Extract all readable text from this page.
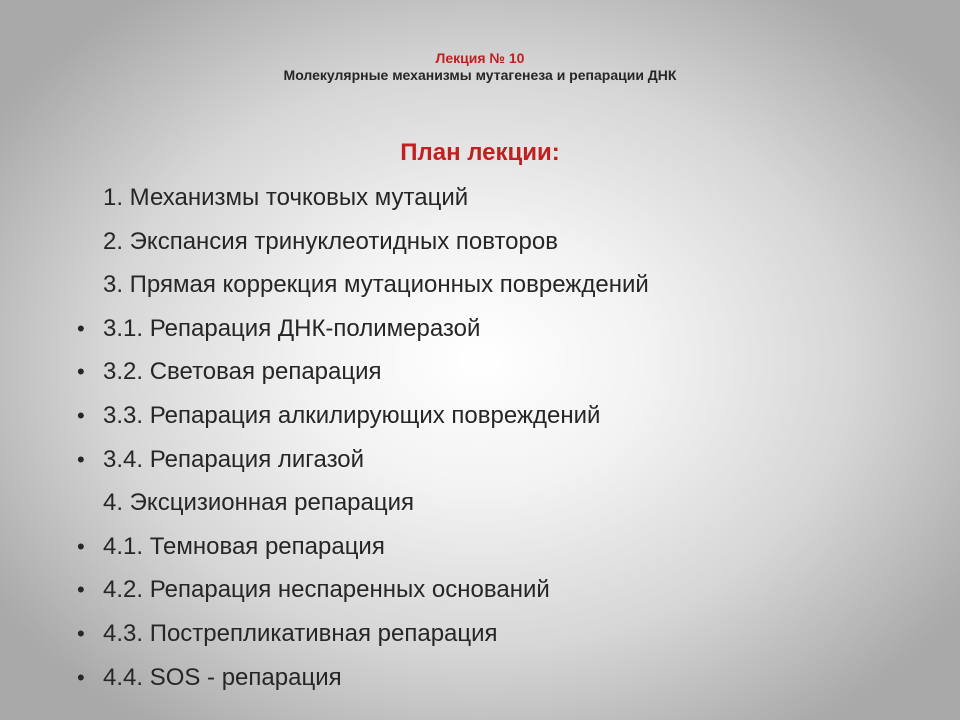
Лекция № 10
Молекулярные механизмы мутагенеза и репарации ДНК
План лекции:
1. Механизмы точковых мутаций
2. Экспансия тринуклеотидных повторов
3. Прямая коррекция мутационных повреждений
• 3.1. Репарация ДНК-полимеразой
• 3.2. Световая репарация
• 3.3. Репарация алкилирующих повреждений
• 3.4. Репарация лигазой
4. Эксцизионная репарация
• 4.1. Темновая репарация
• 4.2. Репарация неспаренных оснований
• 4.3. Пострепликативная репарация
• 4.4. SOS - репарация
